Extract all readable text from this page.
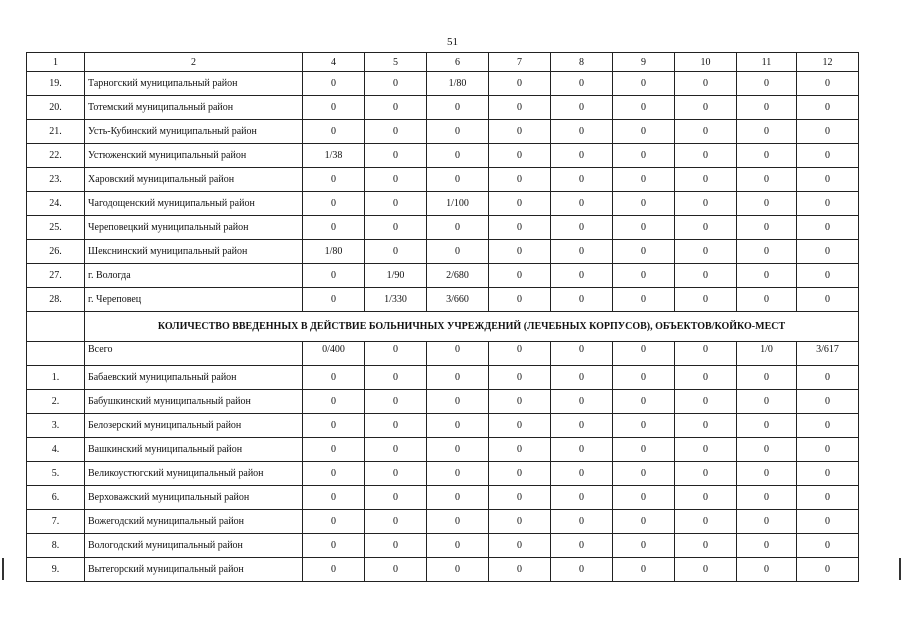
51
1	2	4	5	6	7	8	9	10	11	12
19.	Тарногский муниципальный район	0	0	1/80	0	0	0	0	0	0
20.	Тотемский муниципальный район	0	0	0	0	0	0	0	0	0
21.	Усть-Кубинский муниципальный район	0	0	0	0	0	0	0	0	0
22.	Устюженский муниципальный район	1/38	0	0	0	0	0	0	0	0
23.	Харовский муниципальный район	0	0	0	0	0	0	0	0	0
24.	Чагодощенский муниципальный район	0	0	1/100	0	0	0	0	0	0
25.	Череповецкий муниципальный район	0	0	0	0	0	0	0	0	0
26.	Шекснинский муниципальный район	1/80	0	0	0	0	0	0	0	0
27.	г. Вологда	0	1/90	2/680	0	0	0	0	0	0
28.	г. Череповец	0	1/330	3/660	0	0	0	0	0	0
	КОЛИЧЕСТВО ВВЕДЕННЫХ В ДЕЙСТВИЕ БОЛЬНИЧНЫХ УЧРЕЖДЕНИЙ (ЛЕЧЕБНЫХ КОРПУСОВ), ОБЪЕКТОВ/КОЙКО-МЕСТ									
	Всего	0/400	0	0	0	0	0	0	1/0	3/617
1.	Бабаевский муниципальный район	0	0	0	0	0	0	0	0	0
2.	Бабушкинский муниципальный район	0	0	0	0	0	0	0	0	0
3.	Белозерский муниципальный район	0	0	0	0	0	0	0	0	0
4.	Вашкинский муниципальный район	0	0	0	0	0	0	0	0	0
5.	Великоустюгский муниципальный район	0	0	0	0	0	0	0	0	0
6.	Верховажский муниципальный район	0	0	0	0	0	0	0	0	0
7.	Вожегодский муниципальный район	0	0	0	0	0	0	0	0	0
8.	Вологодский муниципальный район	0	0	0	0	0	0	0	0	0
9.	Вытегорский муниципальный район	0	0	0	0	0	0	0	0	0
